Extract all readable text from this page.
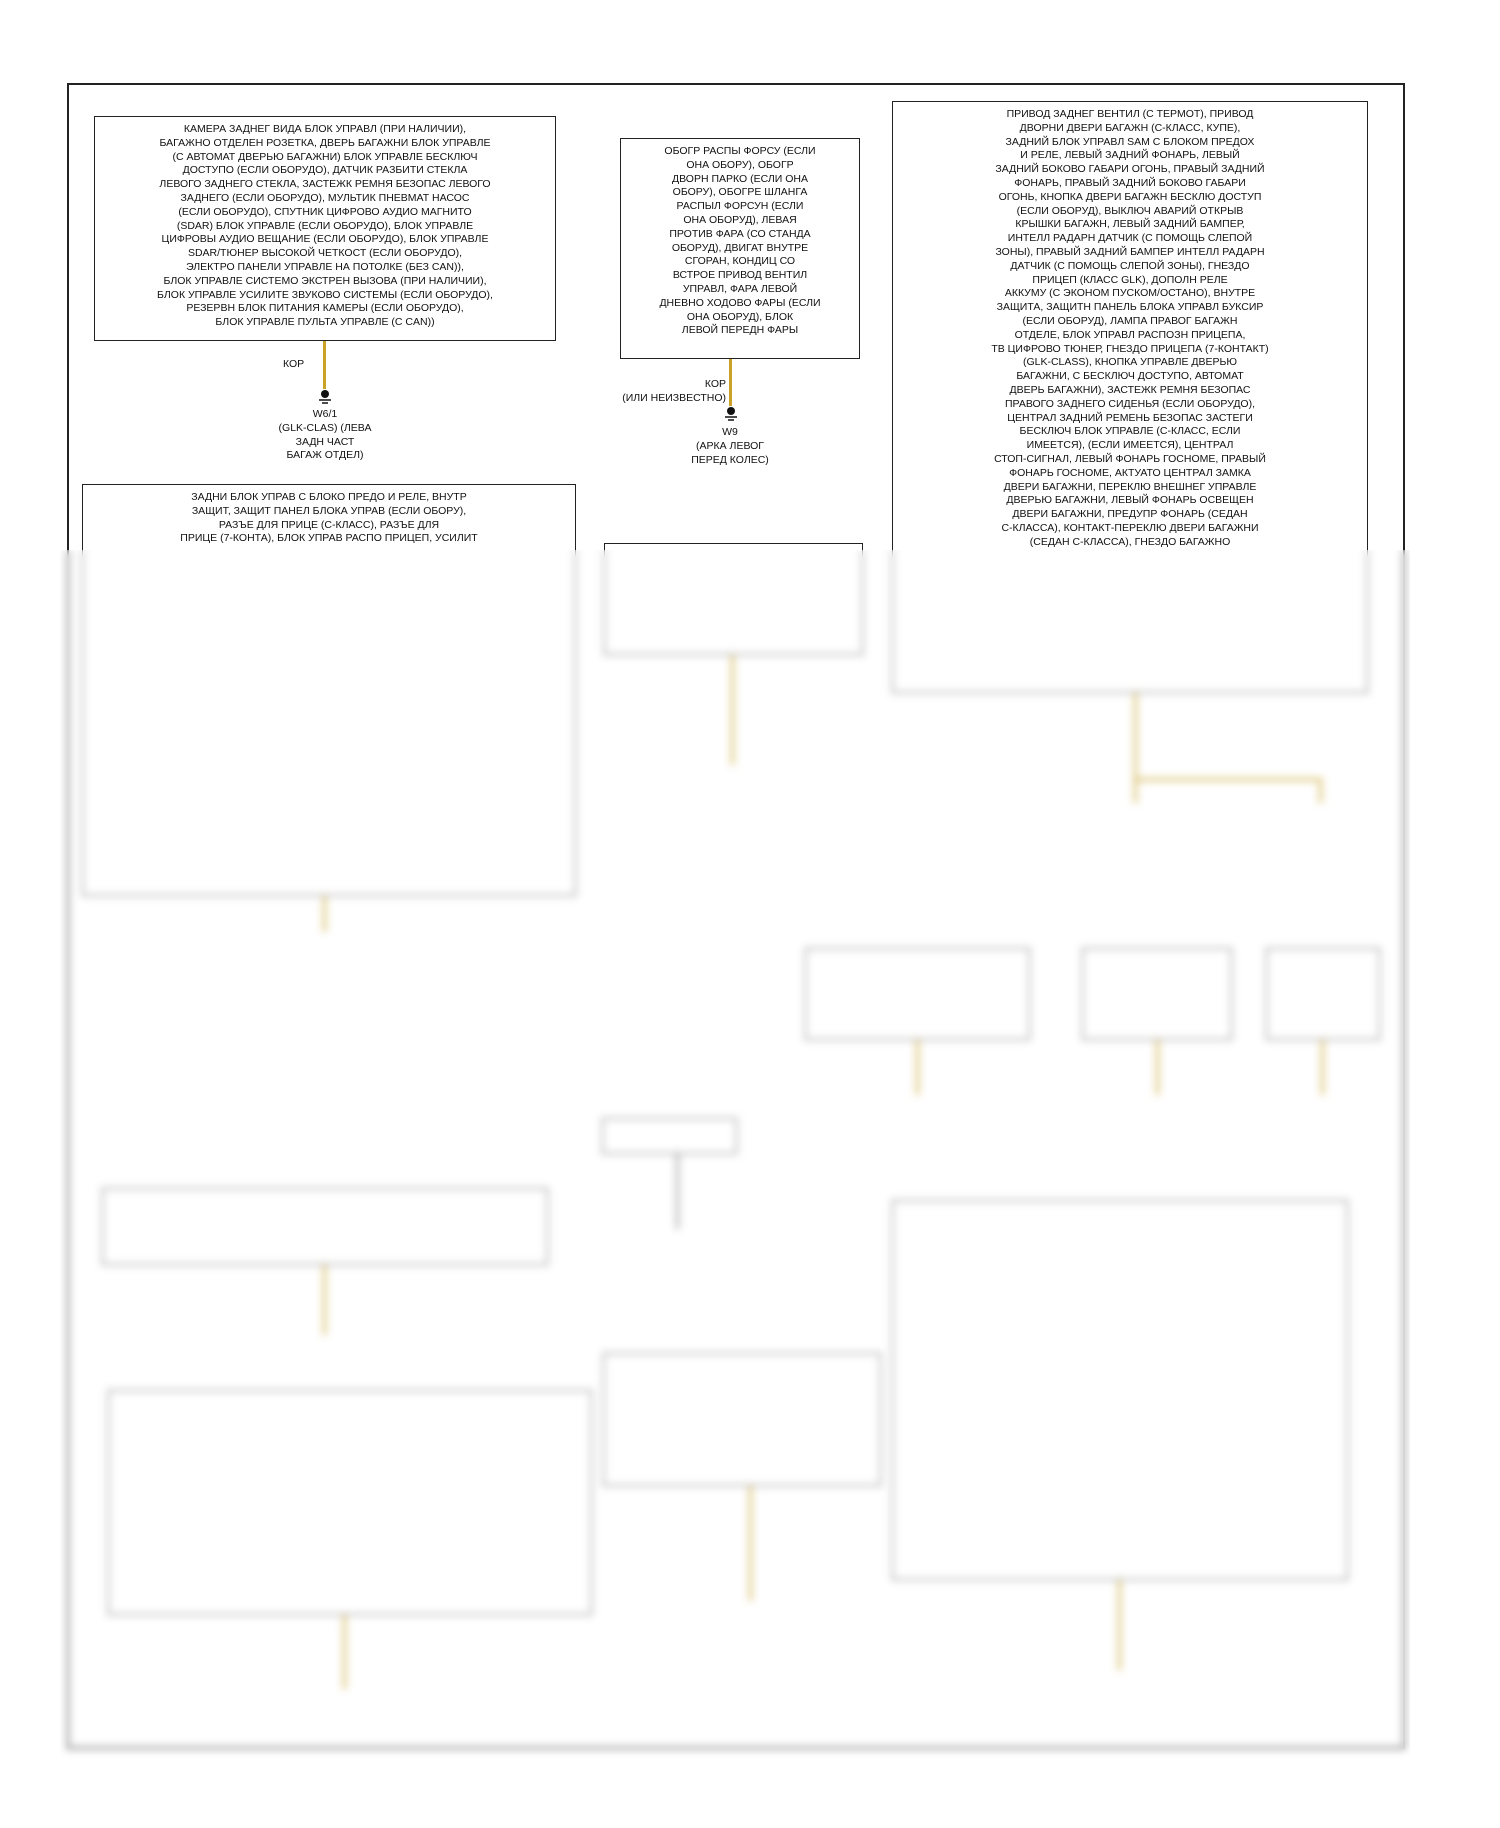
КАМЕРА ЗАДНЕГ ВИДА БЛОК УПРАВЛ (ПРИ НАЛИЧИИ),
БАГАЖНО ОТДЕЛЕН РОЗЕТКА, ДВЕРЬ БАГАЖНИ БЛОК УПРАВЛЕ
(С АВТОМАТ ДВЕРЬЮ БАГАЖНИ) БЛОК УПРАВЛЕ БЕСКЛЮЧ
ДОСТУПО (ЕСЛИ ОБОРУДО), ДАТЧИК РАЗБИТИ СТЕКЛА
ЛЕВОГО ЗАДНЕГО СТЕКЛА, ЗАСТЕЖК РЕМНЯ БЕЗОПАС ЛЕВОГО
ЗАДНЕГО (ЕСЛИ ОБОРУДО), МУЛЬТИК ПНЕВМАТ НАСОС
(ЕСЛИ ОБОРУДО), СПУТНИК ЦИФРОВО АУДИО МАГНИТО
(SDAR) БЛОК УПРАВЛЕ (ЕСЛИ ОБОРУДО), БЛОК УПРАВЛЕ
ЦИФРОВЫ АУДИО ВЕЩАНИЕ (ЕСЛИ ОБОРУДО), БЛОК УПРАВЛЕ
SDAR/ТЮНЕР ВЫСОКОЙ ЧЕТКОСТ (ЕСЛИ ОБОРУДО),
ЭЛЕКТРО ПАНЕЛИ УПРАВЛЕ НА ПОТОЛКЕ (БЕЗ CAN)),
БЛОК УПРАВЛЕ СИСТЕМО ЭКСТРЕН ВЫЗОВА (ПРИ НАЛИЧИИ),
БЛОК УПРАВЛЕ УСИЛИТЕ ЗВУКОВО СИСТЕМЫ (ЕСЛИ ОБОРУДО),
РЕЗЕРВН БЛОК ПИТАНИЯ КАМЕРЫ (ЕСЛИ ОБОРУДО),
БЛОК УПРАВЛЕ ПУЛЬТА УПРАВЛЕ (С CAN))
КОР
W6/1
(GLK-CLAS) (ЛЕВА
ЗАДН ЧАСТ
БАГАЖ ОТДЕЛ)
ОБОГР РАСПЫ ФОРСУ (ЕСЛИ
ОНА ОБОРУ), ОБОГР
ДВОРН ПАРКО (ЕСЛИ ОНА
ОБОРУ), ОБОГРЕ ШЛАНГА
РАСПЫЛ ФОРСУН (ЕСЛИ
ОНА ОБОРУД), ЛЕВАЯ
ПРОТИВ ФАРА (СО СТАНДА
ОБОРУД), ДВИГАТ ВНУТРЕ
СГОРАН, КОНДИЦ СО
ВСТРОЕ ПРИВОД ВЕНТИЛ
УПРАВЛ, ФАРА ЛЕВОЙ
ДНЕВНО ХОДОВО ФАРЫ (ЕСЛИ
ОНА ОБОРУД), БЛОК
ЛЕВОЙ ПЕРЕДН ФАРЫ
КОР
(ИЛИ НЕИЗВЕСТНО)
W9
(АРКА ЛЕВОГ
ПЕРЕД КОЛЕС)
ПРИВОД ЗАДНЕГ ВЕНТИЛ (С ТЕРМОТ), ПРИВОД
ДВОРНИ ДВЕРИ БАГАЖН (С-КЛАСС, КУПЕ),
ЗАДНИЙ БЛОК УПРАВЛ SAM С БЛОКОМ ПРЕДОХ
И РЕЛЕ, ЛЕВЫЙ ЗАДНИЙ ФОНАРЬ, ЛЕВЫЙ
ЗАДНИЙ БОКОВО ГАБАРИ ОГОНЬ, ПРАВЫЙ ЗАДНИЙ
ФОНАРЬ, ПРАВЫЙ ЗАДНИЙ БОКОВО ГАБАРИ
ОГОНЬ, КНОПКА ДВЕРИ БАГАЖН БЕСКЛЮ ДОСТУП
(ЕСЛИ ОБОРУД), ВЫКЛЮЧ АВАРИЙ ОТКРЫВ
КРЫШКИ БАГАЖН, ЛЕВЫЙ ЗАДНИЙ БАМПЕР,
ИНТЕЛЛ РАДАРН ДАТЧИК (С ПОМОЩЬ СЛЕПОЙ
ЗОНЫ), ПРАВЫЙ ЗАДНИЙ БАМПЕР ИНТЕЛЛ РАДАРН
ДАТЧИК (С ПОМОЩЬ СЛЕПОЙ ЗОНЫ), ГНЕЗДО
ПРИЦЕП (КЛАСС GLK), ДОПОЛН РЕЛЕ
АККУМУ (С ЭКОНОМ ПУСКОМ/ОСТАНО), ВНУТРЕ
ЗАЩИТА, ЗАЩИТН ПАНЕЛЬ БЛОКА УПРАВЛ БУКСИР
(ЕСЛИ ОБОРУД), ЛАМПА ПРАВОГ БАГАЖН
ОТДЕЛЕ, БЛОК УПРАВЛ РАСПОЗН ПРИЦЕПА,
ТВ ЦИФРОВО ТЮНЕР, ГНЕЗДО ПРИЦЕПА (7-КОНТАКТ)
(GLK-CLASS), КНОПКА УПРАВЛЕ ДВЕРЬЮ
БАГАЖНИ, С БЕСКЛЮЧ ДОСТУПО, АВТОМАТ
ДВЕРЬ БАГАЖНИ), ЗАСТЕЖК РЕМНЯ БЕЗОПАС
ПРАВОГО ЗАДНЕГО СИДЕНЬЯ (ЕСЛИ ОБОРУДО),
ЦЕНТРАЛ ЗАДНИЙ РЕМЕНЬ БЕЗОПАС ЗАСТЕГИ
БЕСКЛЮЧ БЛОК УПРАВЛЕ (С-КЛАСС, ЕСЛИ
ИМЕЕТСЯ), (ЕСЛИ ИМЕЕТСЯ), ЦЕНТРАЛ
СТОП-СИГНАЛ, ЛЕВЫЙ ФОНАРЬ ГОСНОМЕ, ПРАВЫЙ
ФОНАРЬ ГОСНОМЕ, АКТУАТО ЦЕНТРАЛ ЗАМКА
ДВЕРИ БАГАЖНИ, ПЕРЕКЛЮ ВНЕШНЕГ УПРАВЛЕ
ДВЕРЬЮ БАГАЖНИ, ЛЕВЫЙ ФОНАРЬ ОСВЕЩЕН
ДВЕРИ БАГАЖНИ, ПРЕДУПР ФОНАРЬ (СЕДАН
С-КЛАССА), КОНТАКТ-ПЕРЕКЛЮ ДВЕРИ БАГАЖНИ
(СЕДАН С-КЛАССА), ГНЕЗДО БАГАЖНО
ЗАДНИ БЛОК УПРАВ С БЛОКО ПРЕДО И РЕЛЕ, ВНУТР
ЗАЩИТ, ЗАЩИТ ПАНЕЛ БЛОКА УПРАВ (ЕСЛИ ОБОРУ),
РАЗЪЕ ДЛЯ ПРИЦЕ (С-КЛАСС), РАЗЪЕ ДЛЯ
ПРИЦЕ (7-КОНТА), БЛОК УПРАВ РАСПО ПРИЦЕП, УСИЛИТ
